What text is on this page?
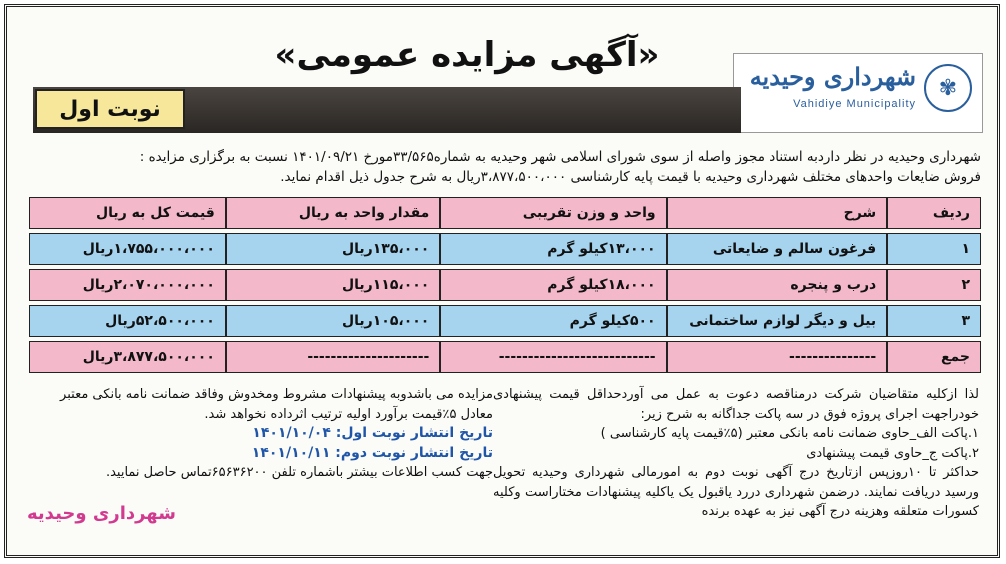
✾
شهرداری وحیدیه
Vahidiye Municipality
«آگهی مزایده عمومی»
نوبت اول
شهرداری وحیدیه در نظر داردبه استناد مجوز واصله از سوی شورای اسلامی شهر وحیدیه به شماره۳۳/۵۶۵مورخ ۱۴۰۱/۰۹/۲۱ نسبت به برگزاری مزایده :
فروش ضایعات واحدهای مختلف شهرداری وحیدیه با قیمت پایه کارشناسی ۳،۸۷۷،۵۰۰،۰۰۰ریال به شرح جدول ذیل اقدام نماید.
ردیف	شرح	واحد و وزن تقریبی	مقدار واحد به ریال	قیمت کل به ریال
۱	فرغون سالم و ضایعاتی	۱۳،۰۰۰کیلو گرم	۱۳۵،۰۰۰ریال	۱،۷۵۵،۰۰۰،۰۰۰ریال
۲	درب و پنجره	۱۸،۰۰۰کیلو گرم	۱۱۵،۰۰۰ریال	۲،۰۷۰،۰۰۰،۰۰۰ریال
۳	بیل و دیگر لوازم ساختمانی	۵۰۰کیلو گرم	۱۰۵،۰۰۰ریال	۵۲،۵۰۰،۰۰۰ریال
جمع	---------------	---------------------------	---------------------	۳،۸۷۷،۵۰۰،۰۰۰ریال

لذا ازکلیه متقاضیان شرکت درمناقصه دعوت به عمل می آوردحداقل قیمت پیشنهادی خودراجهت اجرای پروژه فوق در سه پاکت جداگانه به شرح زیر:

۱.پاکت الف_حاوی ضمانت نامه بانکی معتبر (۵٪قیمت پایه کارشناسی )

۲.پاکت ج_حاوی قیمت پیشنهادی

حداکثر تا ۱۰روزپس ازتاریخ درج آگهی نوبت دوم به امورمالی شهرداری وحیدیه تحویل ورسید دریافت نمایند. درضمن شهرداری دررد یاقبول یک یاکلیه پیشنهادات مختاراست وکلیه کسورات متعلقه وهزینه درج آگهی نیز به عهده برنده

مزایده می باشدوبه پیشنهادات مشروط ومخدوش وفاقد ضمانت نامه بانکی معتبر معادل ۵٪قیمت برآورد اولیه ترتیب اثرداده نخواهد شد.

تاریخ انتشار نوبت اول: ۱۴۰۱/۱۰/۰۴

تاریخ انتشار نوبت دوم: ۱۴۰۱/۱۰/۱۱

جهت کسب اطلاعات بیشتر باشماره تلفن ۶۵۶۳۶۲۰۰تماس حاصل نمایید.

شهرداری وحیدیه
